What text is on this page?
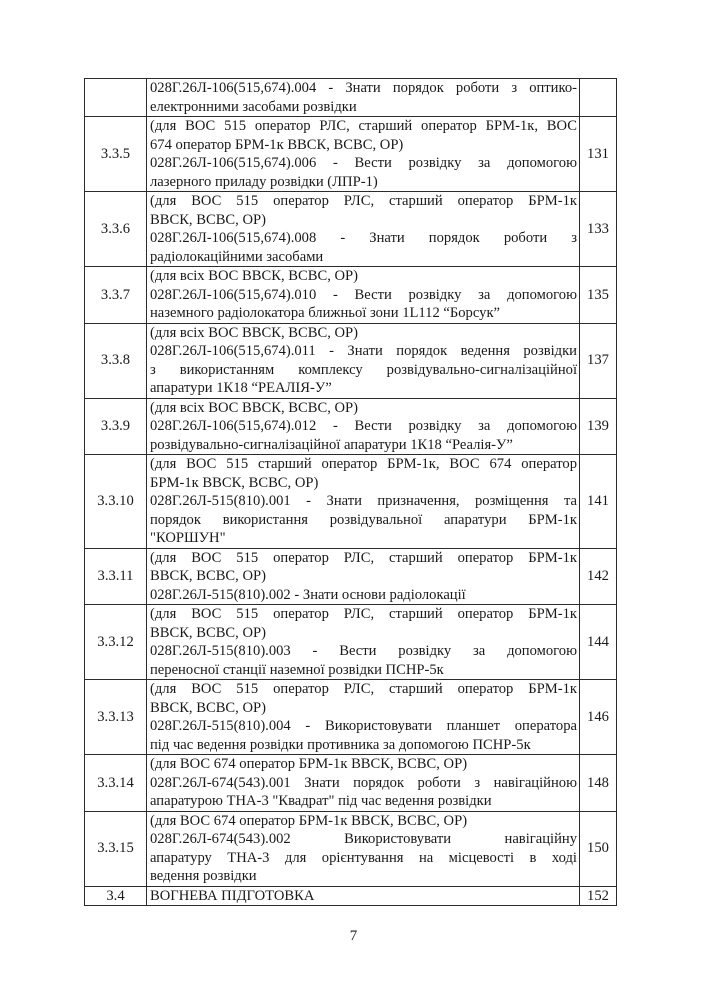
	028Г.26Л-106(515,674).004 - Знати порядок роботи з оптико-
електронними засобами розвідки	

3.3.5	(для ВОС 515 оператор РЛС, старший оператор БРМ-1к, ВОС
674 оператор БРМ-1к ВВСК, ВСВС, ОР)
028Г.26Л-106(515,674).006 - Вести розвідку за допомогою
лазерного приладу розвідки (ЛПР-1)	131
3.3.6	(для ВОС 515 оператор РЛС, старший оператор БРМ-1к
ВВСК, ВСВС, ОР)
028Г.26Л-106(515,674).008 - Знати порядок роботи з
радіолокаційними засобами	133
3.3.7	(для всіх ВОС ВВСК, ВСВС, ОР)
028Г.26Л-106(515,674).010 - Вести розвідку за допомогою
наземного радіолокатора ближньої зони 1L112 “Борсук”	135
3.3.8	(для всіх ВОС ВВСК, ВСВС, ОР)
028Г.26Л-106(515,674).011 - Знати порядок ведення розвідки
з використанням комплексу розвідувально-сигналізаційної
апаратури 1К18 “РЕАЛІЯ-У”	137
3.3.9	(для всіх ВОС ВВСК, ВСВС, ОР)
028Г.26Л-106(515,674).012 - Вести розвідку за допомогою
розвідувально-сигналізаційної апаратури 1К18 “Реалія-У”	139
3.3.10	(для ВОС 515 старший оператор БРМ-1к, ВОС 674 оператор
БРМ-1к ВВСК, ВСВС, ОР)
028Г.26Л-515(810).001 - Знати призначення, розміщення та
порядок використання розвідувальної апаратури БРМ-1к
"КОРШУН"	141
3.3.11	(для ВОС 515 оператор РЛС, старший оператор БРМ-1к
ВВСК, ВСВС, ОР)
028Г.26Л-515(810).002 - Знати основи радіолокації	142
3.3.12	(для ВОС 515 оператор РЛС, старший оператор БРМ-1к
ВВСК, ВСВС, ОР)
028Г.26Л-515(810).003 - Вести розвідку за допомогою
переносної станції наземної розвідки ПСНР-5к	144
3.3.13	(для ВОС 515 оператор РЛС, старший оператор БРМ-1к
ВВСК, ВСВС, ОР)
028Г.26Л-515(810).004 - Використовувати планшет оператора
під час ведення розвідки противника за допомогою ПСНР-5к	146
3.3.14	(для ВОС 674 оператор БРМ-1к ВВСК, ВСВС, ОР)
028Г.26Л-674(543).001 Знати порядок роботи з навігаційною
апаратурою ТНА-3 "Квадрат" під час ведення розвідки	148
3.3.15	(для ВОС 674 оператор БРМ-1к ВВСК, ВСВС, ОР)
028Г.26Л-674(543).002 Використовувати навігаційну
апаратуру ТНА-3 для орієнтування на місцевості в ході
ведення розвідки	150
3.4	ВОГНЕВА ПІДГОТОВКА	152
7
